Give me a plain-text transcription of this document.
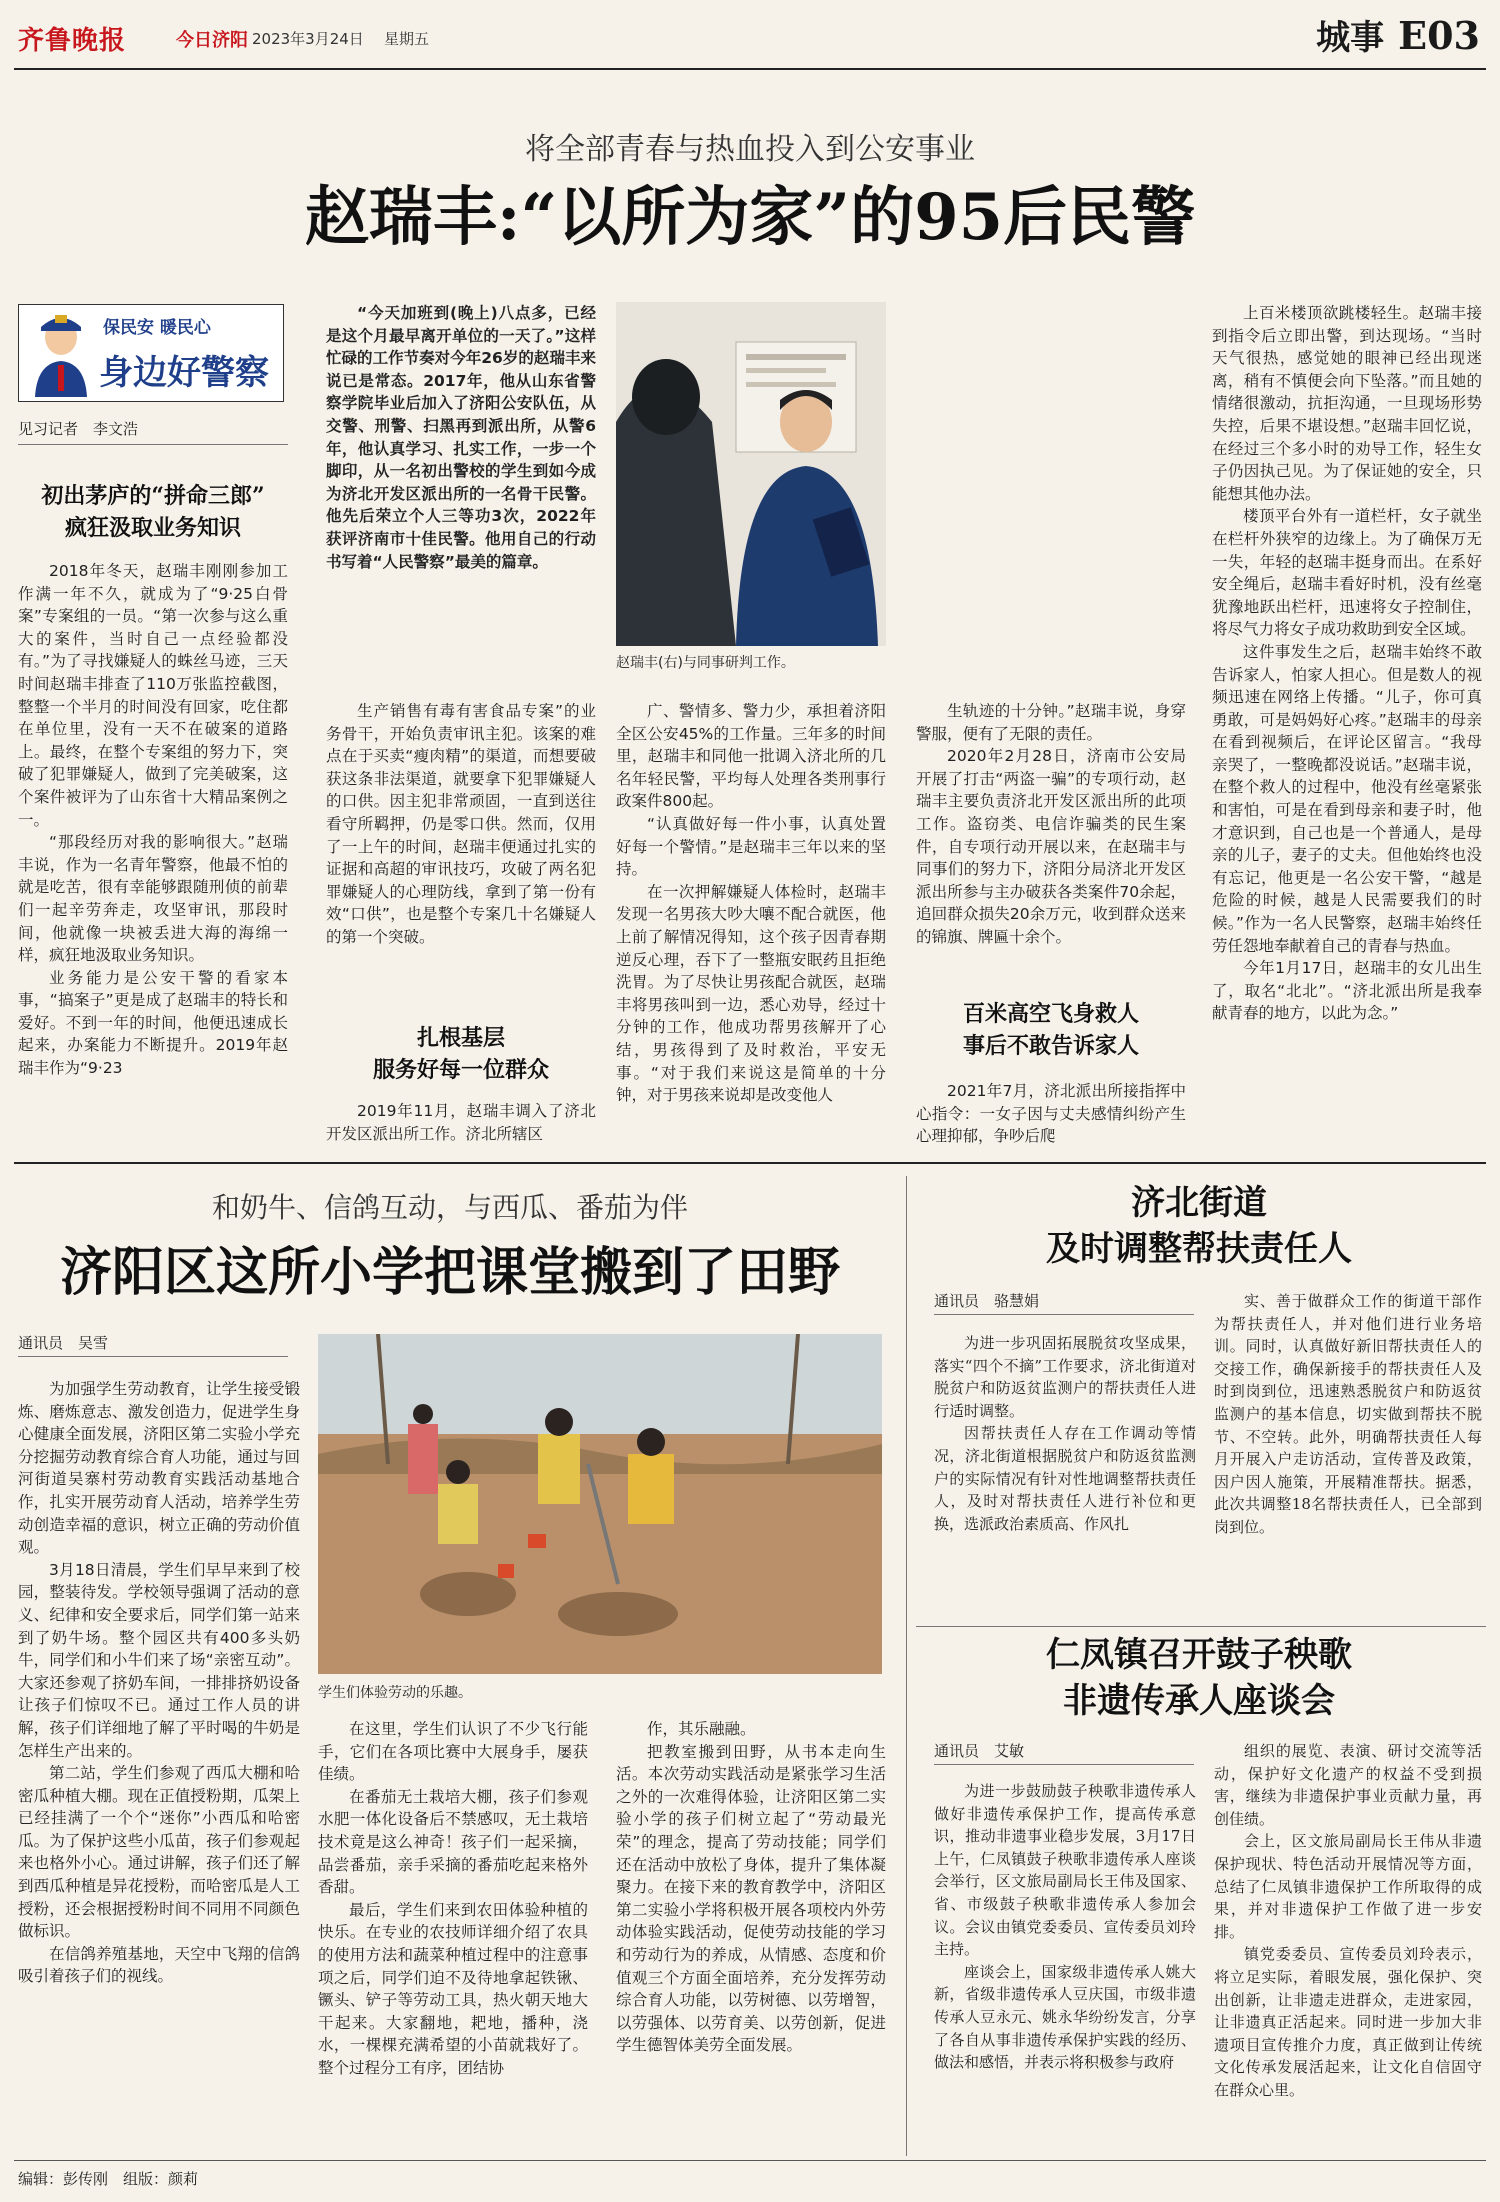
齐鲁晚报	今日济阳 2023年3月24日 星期五	城事 E03
将全部青春与热血投入到公安事业
赵瑞丰:“以所为家”的95后民警
保民安 暖民心
身边好警察
见习记者　李文浩
初出茅庐的“拼命三郎”
疯狂汲取业务知识

2018年冬天，赵瑞丰刚刚参加工作满一年不久，就成为了“9·25白骨案”专案组的一员。“第一次参与这么重大的案件，当时自己一点经验都没有。”为了寻找嫌疑人的蛛丝马迹，三天时间赵瑞丰排查了110万张监控截图，整整一个半月的时间没有回家，吃住都在单位里，没有一天不在破案的道路上。最终，在整个专案组的努力下，突破了犯罪嫌疑人，做到了完美破案，这个案件被评为了山东省十大精品案例之一。

“那段经历对我的影响很大。”赵瑞丰说，作为一名青年警察，他最不怕的就是吃苦，很有幸能够跟随刑侦的前辈们一起辛劳奔走，攻坚审讯，那段时间，他就像一块被丢进大海的海绵一样，疯狂地汲取业务知识。

业务能力是公安干警的看家本事，“搞案子”更是成了赵瑞丰的特长和爱好。不到一年的时间，他便迅速成长起来，办案能力不断提升。2019年赵瑞丰作为“9·23

“今天加班到(晚上)八点多，已经是这个月最早离开单位的一天了。”这样忙碌的工作节奏对今年26岁的赵瑞丰来说已是常态。2017年，他从山东省警察学院毕业后加入了济阳公安队伍，从交警、刑警、扫黑再到派出所，从警6年，他认真学习、扎实工作，一步一个脚印，从一名初出警校的学生到如今成为济北开发区派出所的一名骨干民警。他先后荣立个人三等功3次，2022年获评济南市十佳民警。他用自己的行动书写着“人民警察”最美的篇章。

赵瑞丰(右)与同事研判工作。

生产销售有毒有害食品专案”的业务骨干，开始负责审讯主犯。该案的难点在于买卖“瘦肉精”的渠道，而想要破获这条非法渠道，就要拿下犯罪嫌疑人的口供。因主犯非常顽固，一直到送往看守所羁押，仍是零口供。然而，仅用了一上午的时间，赵瑞丰便通过扎实的证据和高超的审讯技巧，攻破了两名犯罪嫌疑人的心理防线，拿到了第一份有效“口供”，也是整个专案几十名嫌疑人的第一个突破。

扎根基层
服务好每一位群众

2019年11月，赵瑞丰调入了济北开发区派出所工作。济北所辖区

广、警情多、警力少，承担着济阳全区公安45%的工作量。三年多的时间里，赵瑞丰和同他一批调入济北所的几名年轻民警，平均每人处理各类刑事行政案件800起。

“认真做好每一件小事，认真处置好每一个警情。”是赵瑞丰三年以来的坚持。

在一次押解嫌疑人体检时，赵瑞丰发现一名男孩大吵大嚷不配合就医，他上前了解情况得知，这个孩子因青春期逆反心理，吞下了一整瓶安眠药且拒绝洗胃。为了尽快让男孩配合就医，赵瑞丰将男孩叫到一边，悉心劝导，经过十分钟的工作，他成功帮男孩解开了心结，男孩得到了及时救治，平安无事。“对于我们来说这是简单的十分钟，对于男孩来说却是改变他人

生轨迹的十分钟。”赵瑞丰说，身穿警服，便有了无限的责任。

2020年2月28日，济南市公安局开展了打击“两盗一骗”的专项行动，赵瑞丰主要负责济北开发区派出所的此项工作。盗窃类、电信诈骗类的民生案件，自专项行动开展以来，在赵瑞丰与同事们的努力下，济阳分局济北开发区派出所参与主办破获各类案件70余起，追回群众损失20余万元，收到群众送来的锦旗、牌匾十余个。

百米高空飞身救人
事后不敢告诉家人

2021年7月，济北派出所接指挥中心指令：一女子因与丈夫感情纠纷产生心理抑郁，争吵后爬

上百米楼顶欲跳楼轻生。赵瑞丰接到指令后立即出警，到达现场。“当时天气很热，感觉她的眼神已经出现迷离，稍有不慎便会向下坠落。”而且她的情绪很激动，抗拒沟通，一旦现场形势失控，后果不堪设想。”赵瑞丰回忆说，在经过三个多小时的劝导工作，轻生女子仍因执己见。为了保证她的安全，只能想其他办法。

楼顶平台外有一道栏杆，女子就坐在栏杆外狭窄的边缘上。为了确保万无一失，年轻的赵瑞丰挺身而出。在系好安全绳后，赵瑞丰看好时机，没有丝毫犹豫地跃出栏杆，迅速将女子控制住，将尽气力将女子成功救助到安全区域。

这件事发生之后，赵瑞丰始终不敢告诉家人，怕家人担心。但是数人的视频迅速在网络上传播。“儿子，你可真勇敢，可是妈妈好心疼。”赵瑞丰的母亲在看到视频后，在评论区留言。“我母亲哭了，一整晚都没说话。”赵瑞丰说，在整个救人的过程中，他没有丝毫紧张和害怕，可是在看到母亲和妻子时，他才意识到，自己也是一个普通人，是母亲的儿子，妻子的丈夫。但他始终也没有忘记，他更是一名公安干警，“越是危险的时候，越是人民需要我们的时候。”作为一名人民警察，赵瑞丰始终任劳任怨地奉献着自己的青春与热血。

今年1月17日，赵瑞丰的女儿出生了，取名“北北”。“济北派出所是我奉献青春的地方，以此为念。”

和奶牛、信鸽互动，与西瓜、番茄为伴
济阳区这所小学把课堂搬到了田野
通讯员　吴雪

为加强学生劳动教育，让学生接受锻炼、磨炼意志、激发创造力，促进学生身心健康全面发展，济阳区第二实验小学充分挖掘劳动教育综合育人功能，通过与回河街道吴寨村劳动教育实践活动基地合作，扎实开展劳动育人活动，培养学生劳动创造幸福的意识，树立正确的劳动价值观。

3月18日清晨，学生们早早来到了校园，整装待发。学校领导强调了活动的意义、纪律和安全要求后，同学们第一站来到了奶牛场。整个园区共有400多头奶牛，同学们和小牛们来了场“亲密互动”。大家还参观了挤奶车间，一排排挤奶设备让孩子们惊叹不已。通过工作人员的讲解，孩子们详细地了解了平时喝的牛奶是怎样生产出来的。

第二站，学生们参观了西瓜大棚和哈密瓜种植大棚。现在正值授粉期，瓜架上已经挂满了一个个“迷你”小西瓜和哈密瓜。为了保护这些小瓜苗，孩子们参观起来也格外小心。通过讲解，孩子们还了解到西瓜种植是异花授粉，而哈密瓜是人工授粉，还会根据授粉时间不同用不同颜色做标识。

在信鸽养殖基地，天空中飞翔的信鸽吸引着孩子们的视线。

学生们体验劳动的乐趣。

在这里，学生们认识了不少飞行能手，它们在各项比赛中大展身手，屡获佳绩。

在番茄无土栽培大棚，孩子们参观水肥一体化设备后不禁感叹，无土栽培技术竟是这么神奇！孩子们一起采摘，品尝番茄，亲手采摘的番茄吃起来格外香甜。

最后，学生们来到农田体验种植的快乐。在专业的农技师详细介绍了农具的使用方法和蔬菜种植过程中的注意事项之后，同学们迫不及待地拿起铁锹、镢头、铲子等劳动工具，热火朝天地大干起来。大家翻地，耙地，播种，浇水，一棵棵充满希望的小苗就栽好了。整个过程分工有序，团结协

作，其乐融融。

把教室搬到田野，从书本走向生活。本次劳动实践活动是紧张学习生活之外的一次难得体验，让济阳区第二实验小学的孩子们树立起了“劳动最光荣”的理念，提高了劳动技能；同学们还在活动中放松了身体，提升了集体凝聚力。在接下来的教育教学中，济阳区第二实验小学将积极开展各项校内外劳动体验实践活动，促使劳动技能的学习和劳动行为的养成，从情感、态度和价值观三个方面全面培养，充分发挥劳动综合育人功能，以劳树德、以劳增智，以劳强体、以劳育美、以劳创新，促进学生德智体美劳全面发展。

济北街道
及时调整帮扶责任人
通讯员　骆慧娟

为进一步巩固拓展脱贫攻坚成果，落实“四个不摘”工作要求，济北街道对脱贫户和防返贫监测户的帮扶责任人进行适时调整。

因帮扶责任人存在工作调动等情况，济北街道根据脱贫户和防返贫监测户的实际情况有针对性地调整帮扶责任人，及时对帮扶责任人进行补位和更换，选派政治素质高、作风扎

实、善于做群众工作的街道干部作为帮扶责任人，并对他们进行业务培训。同时，认真做好新旧帮扶责任人的交接工作，确保新接手的帮扶责任人及时到岗到位，迅速熟悉脱贫户和防返贫监测户的基本信息，切实做到帮扶不脱节、不空转。此外，明确帮扶责任人每月开展入户走访活动，宣传普及政策，因户因人施策，开展精准帮扶。据悉，此次共调整18名帮扶责任人，已全部到岗到位。

仁凤镇召开鼓子秧歌
非遗传承人座谈会
通讯员　艾敏

为进一步鼓励鼓子秧歌非遗传承人做好非遗传承保护工作，提高传承意识，推动非遗事业稳步发展，3月17日上午，仁凤镇鼓子秧歌非遗传承人座谈会举行，区文旅局副局长王伟及国家、省、市级鼓子秧歌非遗传承人参加会议。会议由镇党委委员、宣传委员刘玲主持。

座谈会上，国家级非遗传承人姚大新，省级非遗传承人豆庆国，市级非遗传承人豆永元、姚永华纷纷发言，分享了各自从事非遗传承保护实践的经历、做法和感悟，并表示将积极参与政府

组织的展览、表演、研讨交流等活动，保护好文化遗产的权益不受到损害，继续为非遗保护事业贡献力量，再创佳绩。

会上，区文旅局副局长王伟从非遗保护现状、特色活动开展情况等方面，总结了仁凤镇非遗保护工作所取得的成果，并对非遗保护工作做了进一步安排。

镇党委委员、宣传委员刘玲表示，将立足实际，着眼发展，强化保护、突出创新，让非遗走进群众，走进家园，让非遗真正活起来。同时进一步加大非遗项目宣传推介力度，真正做到让传统文化传承发展活起来，让文化自信固守在群众心里。

编辑：彭传刚　组版：颜莉
